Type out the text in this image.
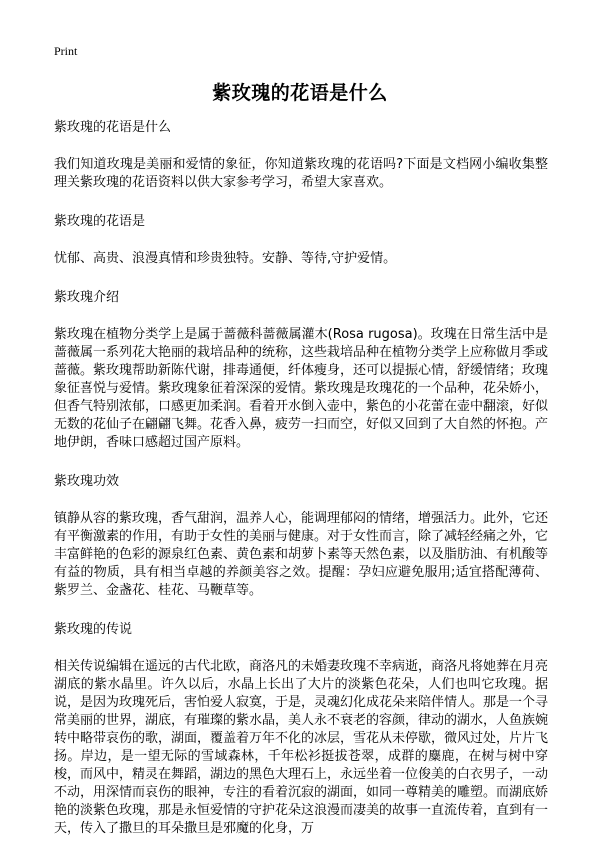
Print
紫玫瑰的花语是什么
紫玫瑰的花语是什么
我们知道玫瑰是美丽和爱情的象征，你知道紫玫瑰的花语吗?下面是文档网小编收集整理关紫玫瑰的花语资料以供大家参考学习，希望大家喜欢。
紫玫瑰的花语是
忧郁、高贵、浪漫真情和珍贵独特。安静、等待,守护爱情。
紫玫瑰介绍
紫玫瑰在植物分类学上是属于蔷薇科蔷薇属灌木(Rosa rugosa)。玫瑰在日常生活中是蔷薇属一系列花大艳丽的栽培品种的统称，这些栽培品种在植物分类学上应称做月季或蔷薇。紫玫瑰帮助新陈代谢，排毒通便，纤体瘦身，还可以提振心情，舒缓情绪；玫瑰象征喜悦与爱情。紫玫瑰象征着深深的爱情。紫玫瑰是玫瑰花的一个品种，花朵娇小，但香气特别浓郁，口感更加柔润。看着开水倒入壶中，紫色的小花蕾在壶中翻滚，好似无数的花仙子在翩翩飞舞。花香入鼻，疲劳一扫而空，好似又回到了大自然的怀抱。产地伊朗，香味口感超过国产原料。
紫玫瑰功效
镇静从容的紫玫瑰，香气甜润，温养人心，能调理郁闷的情绪，增强活力。此外，它还有平衡激素的作用，有助于女性的美丽与健康。对于女性而言，除了减轻经痛之外，它丰富鲜艳的色彩的源泉红色素、黄色素和胡萝卜素等天然色素，以及脂肪油、有机酸等有益的物质，具有相当卓越的养颜美容之效。提醒：孕妇应避免服用;适宜搭配薄荷、紫罗兰、金盏花、桂花、马鞭草等。
紫玫瑰的传说
相关传说编辑在遥远的古代北欧，商洛凡的未婚妻玫瑰不幸病逝，商洛凡将她葬在月亮湖底的紫水晶里。许久以后，水晶上长出了大片的淡紫色花朵，人们也叫它玫瑰。据说，是因为玫瑰死后，害怕爱人寂寞，于是，灵魂幻化成花朵来陪伴情人。那是一个寻常美丽的世界，湖底，有璀璨的紫水晶，美人永不衰老的容颜，律动的湖水，人鱼族婉转中略带哀伤的歌，湖面，覆盖着万年不化的冰层，雪花从未停歇，微风过处，片片飞扬。岸边，是一望无际的雪域森林，千年松衫挺拔苍翠，成群的麋鹿，在树与树中穿梭，而风中，精灵在舞蹈，湖边的黑色大理石上，永远坐着一位俊美的白衣男子，一动不动，用深情而哀伤的眼神，专注的看着沉寂的湖面，如同一尊精美的雕塑。而湖底娇艳的淡紫色玫瑰，那是永恒爱情的守护花朵这浪漫而凄美的故事一直流传着，直到有一天，传入了撒旦的耳朵撒旦是邪魔的化身，万
